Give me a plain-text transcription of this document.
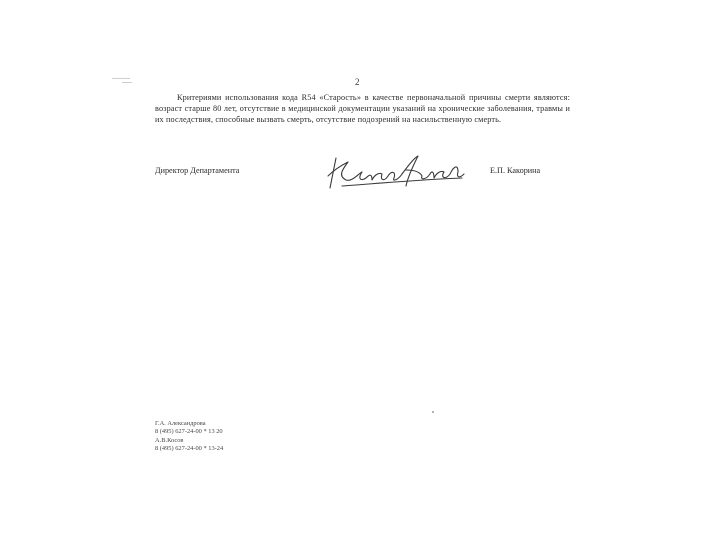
2
Критериями использования кода R54 «Старость» в качестве первоначальной причины смерти являются: возраст старше 80 лет, отсутствие в медицинской документации указаний на хронические заболевания, травмы и их последствия, способные вызвать смерть, отсутствие подозрений на насильственную смерть.
Директор Департамента	Е.П. Какорина
Г.А. Александрова
8 (495) 627-24-00 * 13 20
А.В.Косов
8 (495) 627-24-00 * 13-24
